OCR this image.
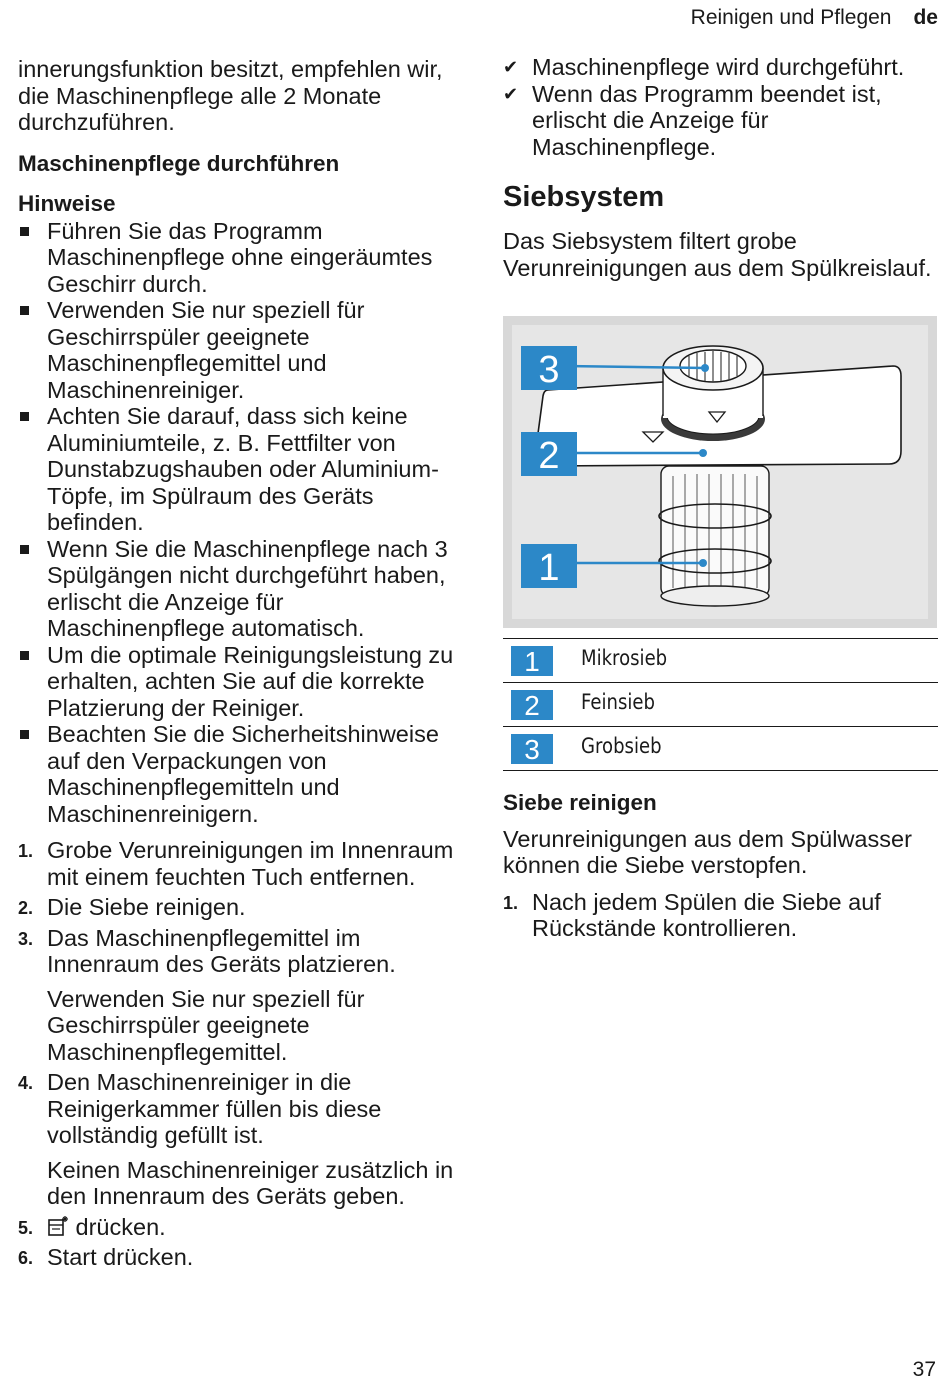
Reinigen und Pflegen de

innerungsfunktion besitzt, empfehlen wir, die Maschinenpflege alle 2 Monate durchzuführen.

Maschinenpflege durchführen

Hinweise

Führen Sie das Programm Maschinenpflege ohne eingeräumtes Geschirr durch.
Verwenden Sie nur speziell für Geschirrspüler geeignete Maschinenpflegemittel und Maschinenreiniger.
Achten Sie darauf, dass sich keine Aluminiumteile, z. B. Fettfilter von Dunstabzugshauben oder Aluminium-Töpfe, im Spülraum des Geräts befinden.
Wenn Sie die Maschinenpflege nach 3 Spülgängen nicht durchgeführt haben, erlischt die Anzeige für Maschinenpflege automatisch.
Um die optimale Reinigungsleistung zu erhalten, achten Sie auf die korrekte Platzierung der Reiniger.
Beachten Sie die Sicherheitshinweise auf den Verpackungen von Maschinenpflegemitteln und Maschinenreinigern.
1. Grobe Verunreinigungen im Innenraum mit einem feuchten Tuch entfernen.
2. Die Siebe reinigen.
3. Das Maschinenpflegemittel im Innenraum des Geräts platzieren.

Verwenden Sie nur speziell für Geschirrspüler geeignete Maschinenpflegemittel.

4. Den Maschinenreiniger in die Reinigerkammer füllen bis diese vollständig gefüllt ist.

Keinen Maschinenreiniger zusätzlich in den Innenraum des Geräts geben.

5. drücken.
6. Start drücken.
✔ Maschinenpflege wird durchgeführt.
✔ Wenn das Programm beendet ist, erlischt die Anzeige für Maschinenpflege.

Siebsystem

Das Siebsystem filtert grobe Verunreinigungen aus dem Spülkreislauf.

3
2
1
1	Mikrosieb
2	Feinsieb
3	Grobsieb

Siebe reinigen

Verunreinigungen aus dem Spülwasser können die Siebe verstopfen.

1. Nach jedem Spülen die Siebe auf Rückstände kontrollieren.
37
